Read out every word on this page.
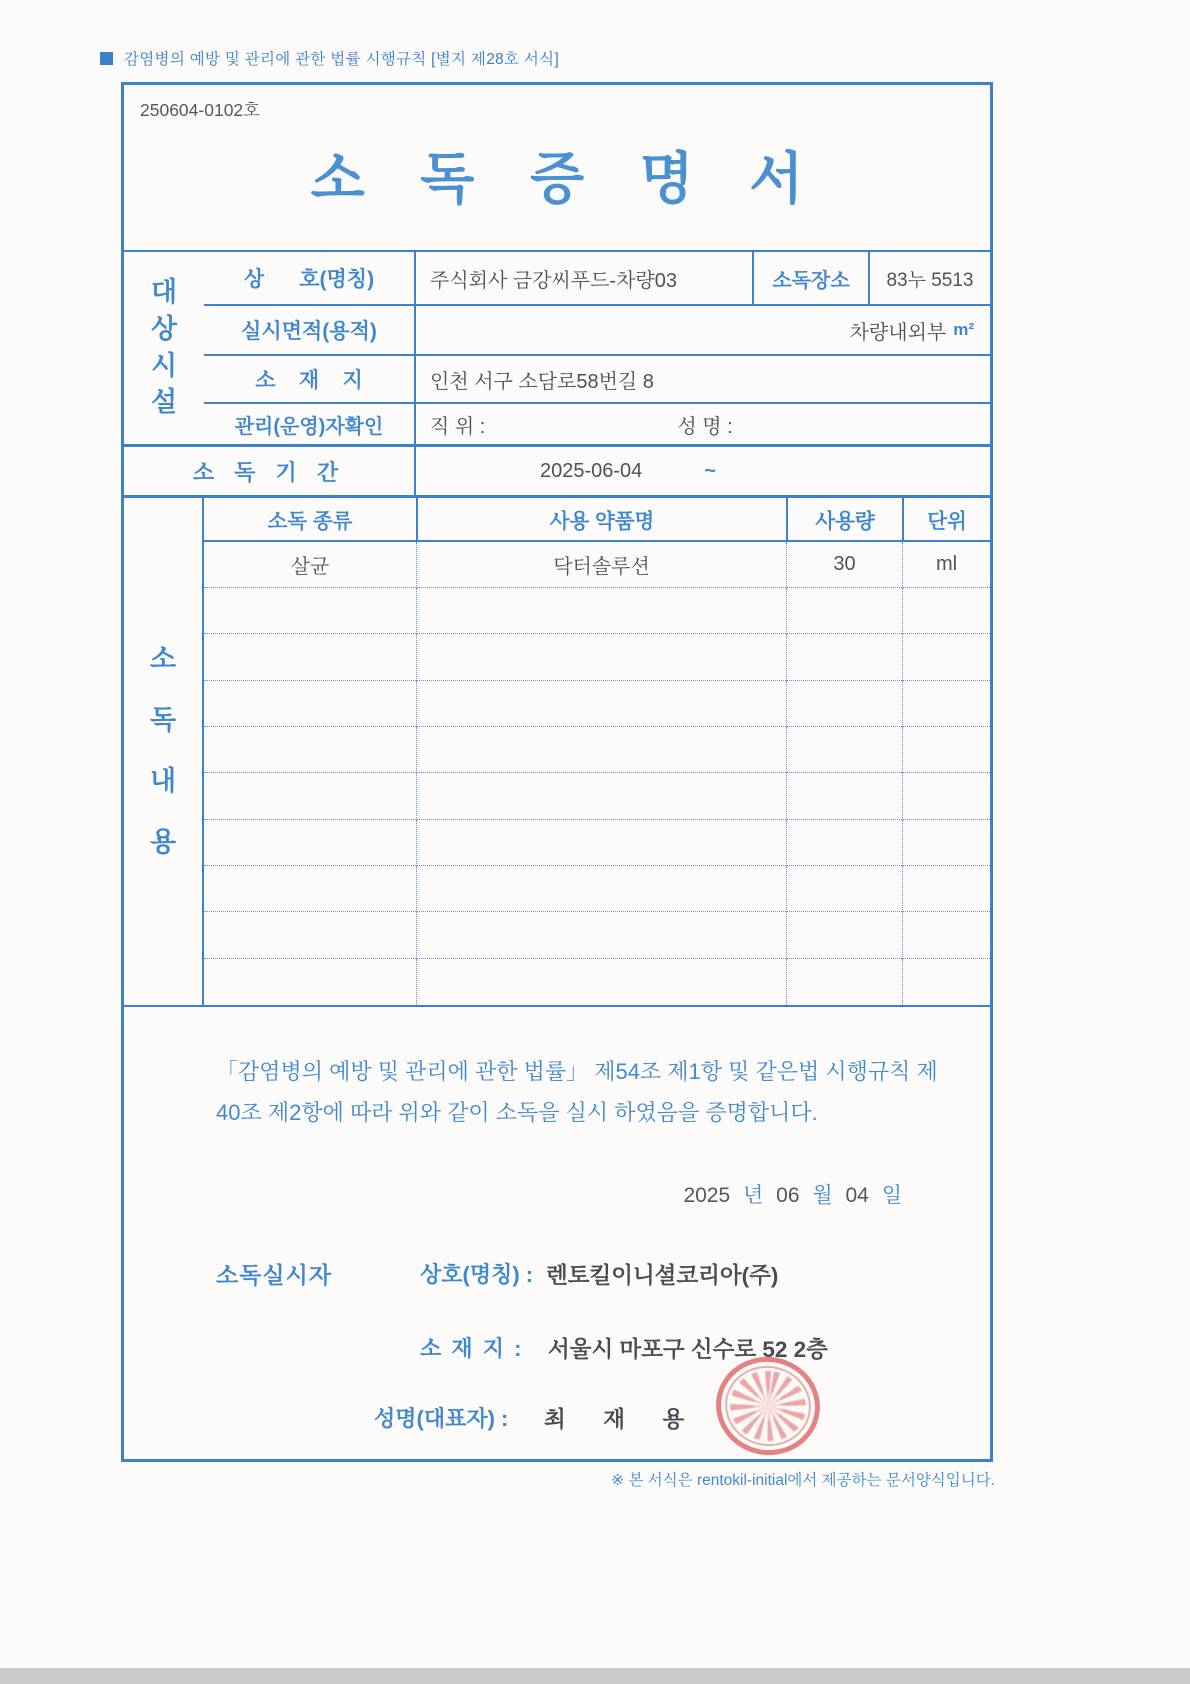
감염병의 예방 및 관리에 관한 법률 시행규칙 [별지 제28호 서식]
250604-0102호
소 독 증 명 서
대
상
시
설
상      호(명칭)	주식회사 금강씨푸드-차량03	소독장소	83누 5513
실시면적(용적)	차량내외부 m²
소    재    지	인천 서구 소담로58번길 8
관리(운영)자확인	직 위 :	성 명 :
소 독 기 간	2025-06-04	~
소
독
내
용
소독 종류	사용 약품명	사용량	단위
살균	닥터솔루션	30	ml
「감염병의 예방 및 관리에 관한 법률」 제54조 제1항 및 같은법 시행규칙 제
40조 제2항에 따라 위와 같이 소독을 실시 하였음을 증명합니다.
2025 년 06 월 04 일
소독실시자	상호(명칭) : 렌토킬이니셜코리아(주)
소 재 지 : 서울시 마포구 신수로 52 2층
성명(대표자) : 최      재      용
※ 본 서식은 rentokil-initial에서 제공하는 문서양식입니다.
